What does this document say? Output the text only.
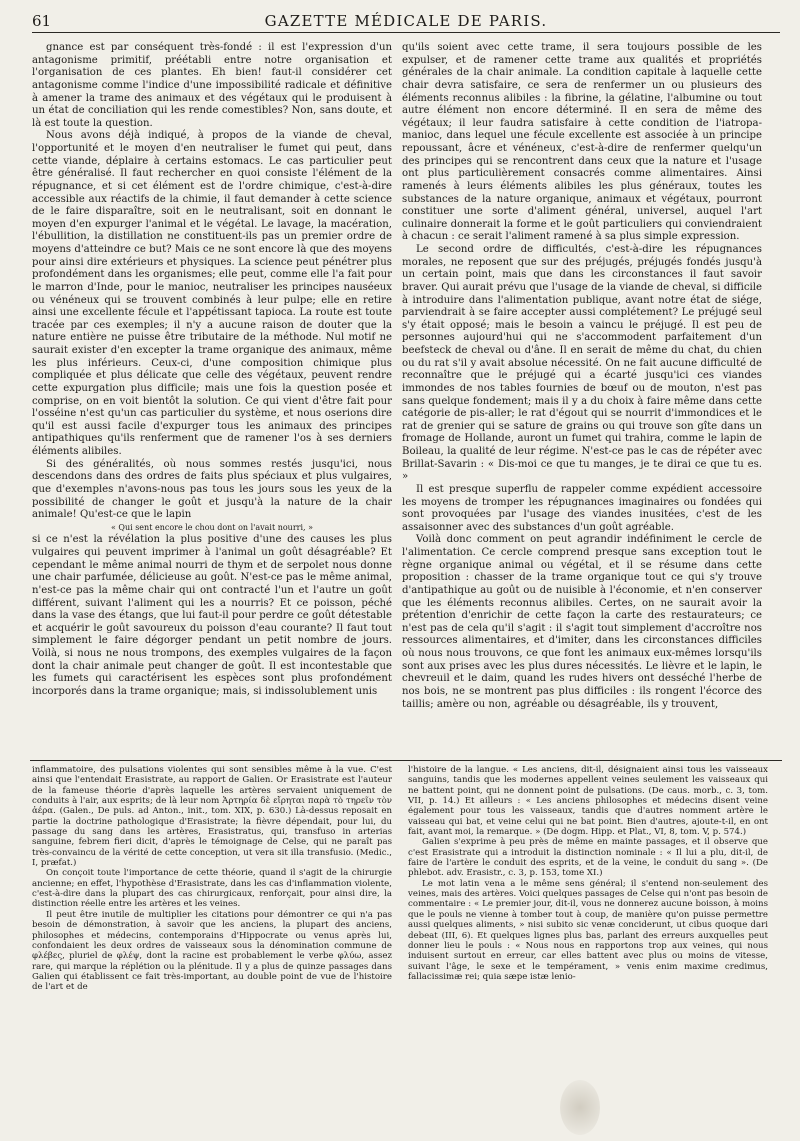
61	GAZETTE MÉDICALE DE PARIS.

gnance est par conséquent très-fondé : il est l'expression d'un antagonisme primitif, préétabli entre notre organisation et l'organisation de ces plantes. Eh bien! faut-il considérer cet antagonisme comme l'indice d'une impossibilité radicale et définitive à amener la trame des animaux et des végétaux qui le produisent à un état de conciliation qui les rende comestibles? Non, sans doute, et là est toute la question.

Nous avons déjà indiqué, à propos de la viande de cheval, l'opportunité et le moyen d'en neutraliser le fumet qui peut, dans cette viande, déplaire à certains estomacs. Le cas particulier peut être généralisé. Il faut rechercher en quoi consiste l'élément de la répugnance, et si cet élément est de l'ordre chimique, c'est-à-dire accessible aux réactifs de la chimie, il faut demander à cette science de le faire disparaître, soit en le neutralisant, soit en donnant le moyen d'en expurger l'animal et le végétal. Le lavage, la macération, l'ébullition, la distillation ne constituent-ils pas un premier ordre de moyens d'atteindre ce but? Mais ce ne sont encore là que des moyens pour ainsi dire extérieurs et physiques. La science peut pénétrer plus profondément dans les organismes; elle peut, comme elle l'a fait pour le marron d'Inde, pour le manioc, neutraliser les principes nauséeux ou vénéneux qui se trouvent combinés à leur pulpe; elle en retire ainsi une excellente fécule et l'appétissant tapioca. La route est toute tracée par ces exemples; il n'y a aucune raison de douter que la nature entière ne puisse être tributaire de la méthode. Nul motif ne saurait exister d'en excepter la trame organique des animaux, même les plus inférieurs. Ceux-ci, d'une composition chimique plus compliquée et plus délicate que celle des végétaux, peuvent rendre cette expurgation plus difficile; mais une fois la question posée et comprise, on en voit bientôt la solution. Ce qui vient d'être fait pour l'osséine n'est qu'un cas particulier du système, et nous oserions dire qu'il est aussi facile d'expurger tous les animaux des principes antipathiques qu'ils renferment que de ramener l'os à ses derniers éléments alibiles.

Si des généralités, où nous sommes restés jusqu'ici, nous descendons dans des ordres de faits plus spéciaux et plus vulgaires, que d'exemples n'avons-nous pas tous les jours sous les yeux de la possibilité de changer le goût et jusqu'à la nature de la chair animale! Qu'est-ce que le lapin

« Qui sent encore le chou dont on l'avait nourri, »

si ce n'est la révélation la plus positive d'une des causes les plus vulgaires qui peuvent imprimer à l'animal un goût désagréable? Et cependant le même animal nourri de thym et de serpolet nous donne une chair parfumée, délicieuse au goût. N'est-ce pas le même animal, n'est-ce pas la même chair qui ont contracté l'un et l'autre un goût différent, suivant l'aliment qui les a nourris? Et ce poisson, péché dans la vase des étangs, que lui faut-il pour perdre ce goût détestable et acquérir le goût savoureux du poisson d'eau courante? Il faut tout simplement le faire dégorger pendant un petit nombre de jours. Voilà, si nous ne nous trompons, des exemples vulgaires de la façon dont la chair animale peut changer de goût. Il est incontestable que les fumets qui caractérisent les espèces sont plus profondément incorporés dans la trame organique; mais, si indissolublement unis

qu'ils soient avec cette trame, il sera toujours possible de les expulser, et de ramener cette trame aux qualités et propriétés générales de la chair animale. La condition capitale à laquelle cette chair devra satisfaire, ce sera de renfermer un ou plusieurs des éléments reconnus alibiles : la fibrine, la gélatine, l'albumine ou tout autre élément non encore déterminé. Il en sera de même des végétaux; il leur faudra satisfaire à cette condition de l'iatropa-manioc, dans lequel une fécule excellente est associée à un principe repoussant, âcre et vénéneux, c'est-à-dire de renfermer quelqu'un des principes qui se rencontrent dans ceux que la nature et l'usage ont plus particulièrement consacrés comme alimentaires. Ainsi ramenés à leurs éléments alibiles les plus généraux, toutes les substances de la nature organique, animaux et végétaux, pourront constituer une sorte d'aliment général, universel, auquel l'art culinaire donnerait la forme et le goût particuliers qui conviendraient à chacun : ce serait l'aliment ramené à sa plus simple expression.

Le second ordre de difficultés, c'est-à-dire les répugnances morales, ne reposent que sur des préjugés, préjugés fondés jusqu'à un certain point, mais que dans les circonstances il faut savoir braver. Qui aurait prévu que l'usage de la viande de cheval, si difficile à introduire dans l'alimentation publique, avant notre état de siége, parviendrait à se faire accepter aussi complétement? Le préjugé seul s'y était opposé; mais le besoin a vaincu le préjugé. Il est peu de personnes aujourd'hui qui ne s'accommodent parfaitement d'un beefsteck de cheval ou d'âne. Il en serait de même du chat, du chien ou du rat s'il y avait absolue nécessité. On ne fait aucune difficulté de reconnaître que le préjugé qui a écarté jusqu'ici ces viandes immondes de nos tables fournies de bœuf ou de mouton, n'est pas sans quelque fondement; mais il y a du choix à faire même dans cette catégorie de pis-aller; le rat d'égout qui se nourrit d'immondices et le rat de grenier qui se sature de grains ou qui trouve son gîte dans un fromage de Hollande, auront un fumet qui trahira, comme le lapin de Boileau, la qualité de leur régime. N'est-ce pas le cas de répéter avec Brillat-Savarin : « Dis-moi ce que tu manges, je te dirai ce que tu es. »

Il est presque superflu de rappeler comme expédient accessoire les moyens de tromper les répugnances imaginaires ou fondées qui sont provoquées par l'usage des viandes inusitées, c'est de les assaisonner avec des substances d'un goût agréable.

Voilà donc comment on peut agrandir indéfiniment le cercle de l'alimentation. Ce cercle comprend presque sans exception tout le règne organique animal ou végétal, et il se résume dans cette proposition : chasser de la trame organique tout ce qui s'y trouve d'antipathique au goût ou de nuisible à l'économie, et n'en conserver que les éléments reconnus alibiles. Certes, on ne saurait avoir la prétention d'enrichir de cette façon la carte des restaurateurs; ce n'est pas de cela qu'il s'agit : il s'agit tout simplement d'accroître nos ressources alimentaires, et d'imiter, dans les circonstances difficiles où nous nous trouvons, ce que font les animaux eux-mêmes lorsqu'ils sont aux prises avec les plus dures nécessités. Le lièvre et le lapin, le chevreuil et le daim, quand les rudes hivers ont desséché l'herbe de nos bois, ne se montrent pas plus difficiles : ils rongent l'écorce des taillis; amère ou non, agréable ou désagréable, ils y trouvent,

inflammatoire, des pulsations violentes qui sont sensibles même à la vue. C'est ainsi que l'entendait Erasistrate, au rapport de Galien. Or Erasistrate est l'auteur de la fameuse théorie d'après laquelle les artères servaient uniquement de conduits à l'air, aux esprits; de là leur nom Ἀρτηρία δὲ εἴρηται παρὰ τὸ τηρεῖν τὸν ἀέρα. (Galen., De puls. ad Anton., init., tom. XIX, p. 630.) Là-dessus reposait en partie la doctrine pathologique d'Erasistrate; la fièvre dépendait, pour lui, du passage du sang dans les artères, Erasistratus, qui, transfuso in arterias sanguine, febrem fieri dicit, d'après le témoignage de Celse, qui ne paraît pas très-convaincu de la vérité de cette conception, ut vera sit illa transfusio. (Medic., I, præfat.)

On conçoit toute l'importance de cette théorie, quand il s'agit de la chirurgie ancienne; en effet, l'hypothèse d'Erasistrate, dans les cas d'inflammation violente, c'est-à-dire dans la plupart des cas chirurgicaux, renforçait, pour ainsi dire, la distinction réelle entre les artères et les veines.

Il peut être inutile de multiplier les citations pour démontrer ce qui n'a pas besoin de démonstration, à savoir que les anciens, la plupart des anciens, philosophes et médecins, contemporains d'Hippocrate ou venus après lui, confondaient les deux ordres de vaisseaux sous la dénomination commune de φλέβες, pluriel de φλέψ, dont la racine est probablement le verbe φλύω, assez rare, qui marque la réplétion ou la plénitude. Il y a plus de quinze passages dans Galien qui établissent ce fait très-important, au double point de vue de l'histoire de l'art et de

l'histoire de la langue. « Les anciens, dit-il, désignaient ainsi tous les vaisseaux sanguins, tandis que les modernes appellent veines seulement les vaisseaux qui ne battent point, qui ne donnent point de pulsations. (De caus. morb., c. 3, tom. VII, p. 14.) Et ailleurs : « Les anciens philosophes et médecins disent veine également pour tous les vaisseaux, tandis que d'autres nomment artère le vaisseau qui bat, et veine celui qui ne bat point. Bien d'autres, ajoute-t-il, en ont fait, avant moi, la remarque. » (De dogm. Hipp. et Plat., VI, 8, tom. V, p. 574.)

Galien s'exprime à peu près de même en mainte passages, et il observe que c'est Erasistrate qui a introduit la distinction nominale : « Il lui a plu, dit-il, de faire de l'artère le conduit des esprits, et de la veine, le conduit du sang ». (De phlebot. adv. Erasistr., c. 3, p. 153, tome XI.)

Le mot latin vena a le même sens général; il s'entend non-seulement des veines, mais des artères. Voici quelques passages de Celse qui n'ont pas besoin de commentaire : « Le premier jour, dit-il, vous ne donnerez aucune boisson, à moins que le pouls ne vienne à tomber tout à coup, de manière qu'on puisse permettre aussi quelques aliments, » nisi subito sic venæ conciderunt, ut cibus quoque dari debeat (III, 6). Et quelques lignes plus bas, parlant des erreurs auxquelles peut donner lieu le pouls : « Nous nous en rapportons trop aux veines, qui nous induisent surtout en erreur, car elles battent avec plus ou moins de vitesse, suivant l'âge, le sexe et le tempérament, » venis enim maxime credimus, fallacissimæ rei; quia sæpe istæ lenio-
